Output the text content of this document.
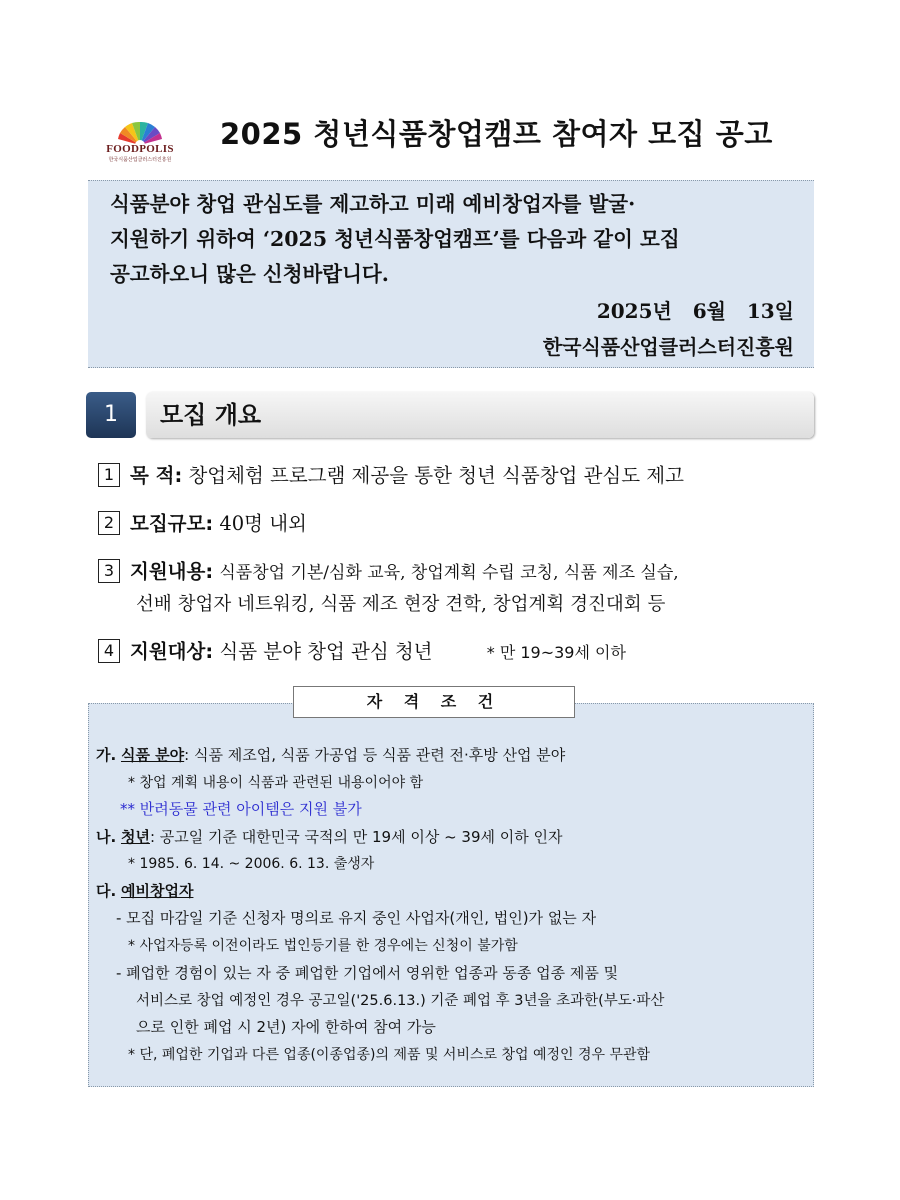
FOODPOLIS
한국식품산업클러스터진흥원
2025 청년식품창업캠프 참여자 모집 공고
식품분야 창업 관심도를 제고하고 미래 예비창업자를 발굴·
지원하기 위하여 ‘2025 청년식품창업캠프’를 다음과 같이 모집
공고하오니 많은 신청바랍니다.
2025년   6월   13일
한국식품산업클러스터진흥원
1	모집 개요
1 목 적: 창업체험 프로그램 제공을 통한 청년 식품창업 관심도 제고
2 모집규모: 40명 내외
3 지원내용: 식품창업 기본/심화 교육, 창업계획 수립 코칭, 식품 제조 실습,
선배 창업자 네트워킹, 식품 제조 현장 견학, 창업계획 경진대회 등
4 지원대상: 식품 분야 창업 관심 청년	* 만 19~39세 이하
자 격 조 건
가. 식품 분야: 식품 제조업, 식품 가공업 등 식품 관련 전·후방 산업 분야
* 창업 계획 내용이 식품과 관련된 내용이어야 함
** 반려동물 관련 아이템은 지원 불가
나. 청년: 공고일 기준 대한민국 국적의 만 19세 이상 ~ 39세 이하 인자
* 1985. 6. 14. ~ 2006. 6. 13. 출생자
다. 예비창업자
- 모집 마감일 기준 신청자 명의로 유지 중인 사업자(개인, 법인)가 없는 자
* 사업자등록 이전이라도 법인등기를 한 경우에는 신청이 불가함
- 폐업한 경험이 있는 자 중 폐업한 기업에서 영위한 업종과 동종 업종 제품 및
서비스로 창업 예정인 경우 공고일('25.6.13.) 기준 폐업 후 3년을 초과한(부도·파산
으로 인한 폐업 시 2년) 자에 한하여 참여 가능
* 단, 폐업한 기업과 다른 업종(이종업종)의 제품 및 서비스로 창업 예정인 경우 무관함
